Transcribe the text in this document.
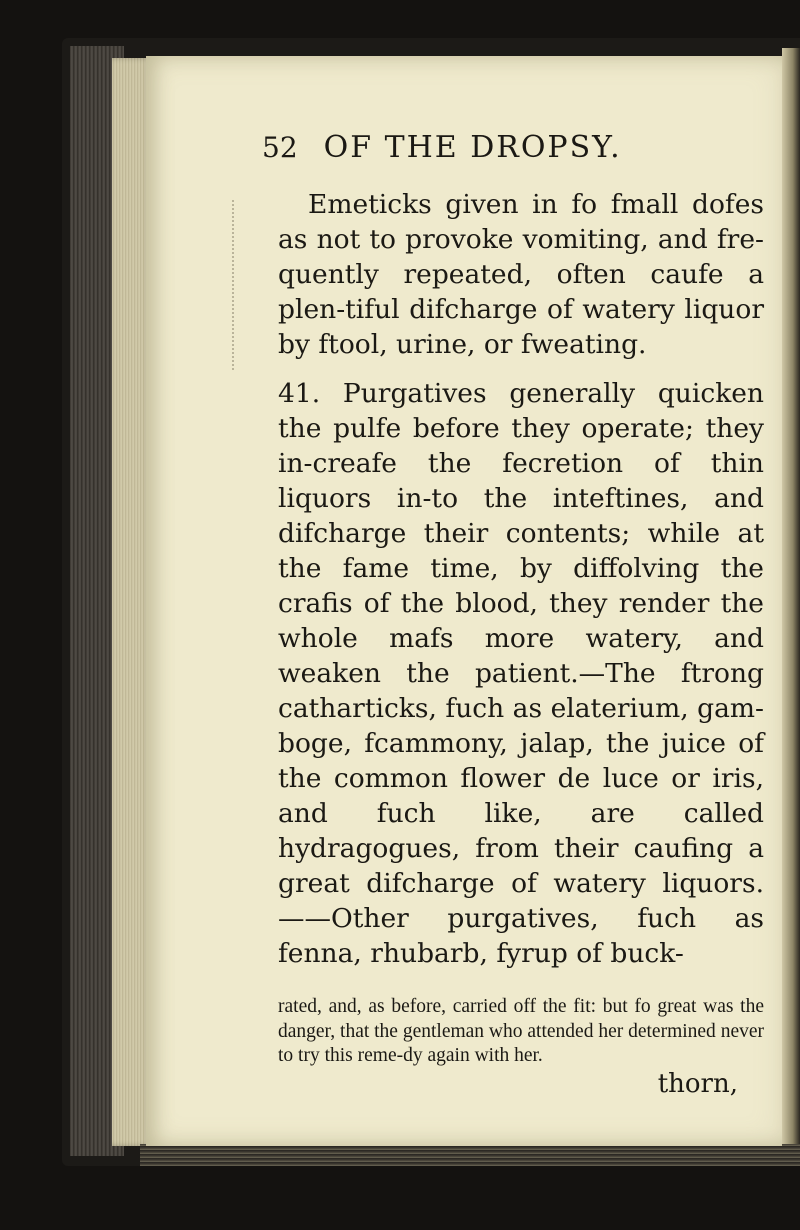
52 OF THE DROPSY.

Emeticks given in fo fmall dofes as not to provoke vomiting, and fre-quently repeated, often caufe a plen-tiful difcharge of watery liquor by ftool, urine, or fweating.

41. Purgatives generally quicken the pulfe before they operate; they in-creafe the fecretion of thin liquors in-to the inteftines, and difcharge their contents; while at the fame time, by diffolving the crafis of the blood, they render the whole mafs more watery, and weaken the patient.—The ftrong catharticks, fuch as elaterium, gam-boge, fcammony, jalap, the juice of the common flower de luce or iris, and fuch like, are called hydragogues, from their caufing a great difcharge of watery liquors.——Other purgatives, fuch as fenna, rhubarb, fyrup of buck-

rated, and, as before, carried off the fit: but fo great was the danger, that the gentleman who attended her determined never to try this reme-dy again with her.

thorn,
